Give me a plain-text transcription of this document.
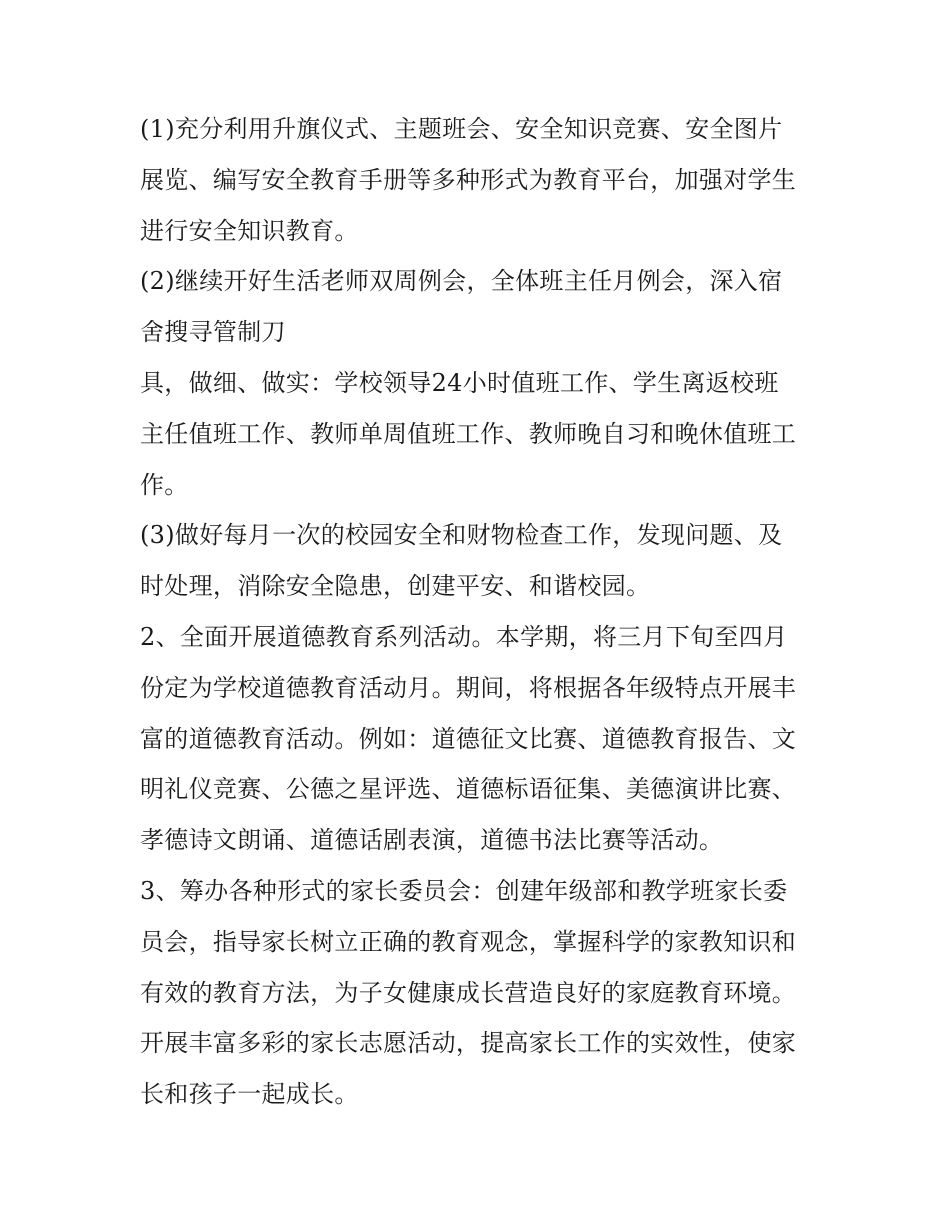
(1)充分利用升旗仪式、主题班会、安全知识竞赛、安全图片
展览、编写安全教育手册等多种形式为教育平台，加强对学生
进行安全知识教育。
(2)继续开好生活老师双周例会，全体班主任月例会，深入宿
舍搜寻管制刀
具，做细、做实：学校领导24小时值班工作、学生离返校班
主任值班工作、教师单周值班工作、教师晚自习和晚休值班工
作。
(3)做好每月一次的校园安全和财物检查工作，发现问题、及
时处理，消除安全隐患，创建平安、和谐校园。
2、全面开展道德教育系列活动。本学期，将三月下旬至四月
份定为学校道德教育活动月。期间，将根据各年级特点开展丰
富的道德教育活动。例如：道德征文比赛、道德教育报告、文
明礼仪竞赛、公德之星评选、道德标语征集、美德演讲比赛、
孝德诗文朗诵、道德话剧表演，道德书法比赛等活动。
3、筹办各种形式的家长委员会：创建年级部和教学班家长委
员会，指导家长树立正确的教育观念，掌握科学的家教知识和
有效的教育方法，为子女健康成长营造良好的家庭教育环境。
开展丰富多彩的家长志愿活动，提高家长工作的实效性，使家
长和孩子一起成长。
